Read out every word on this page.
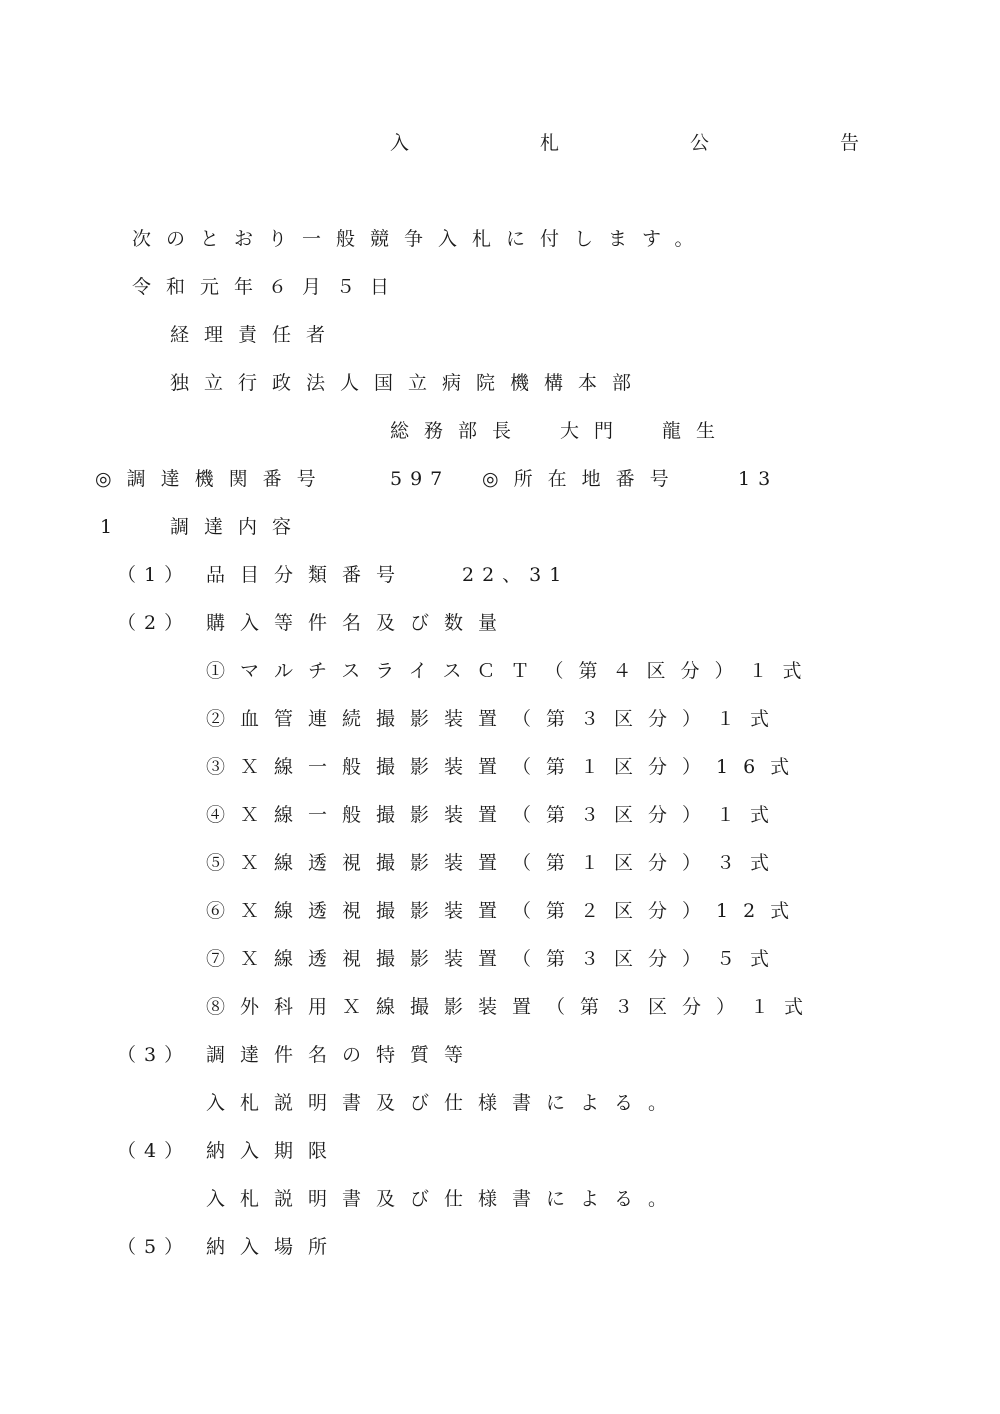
入　札　公　告

次のとおり一般競争入札に付します。

令和元年６月５日

経理責任者

独立行政法人国立病院機構本部

総務部長　大門　龍生

◎調達機関番号	597 ◎所在地番号	13

1 調達内容

（1） 品目分類番号	22、31

（2） 購入等件名及び数量

①マルチスライスＣＴ（第４区分）１式

②血管連続撮影装置（第３区分）１式

③Ｘ線一般撮影装置（第１区分）16式

④Ｘ線一般撮影装置（第３区分）１式

⑤Ｘ線透視撮影装置（第１区分）３式

⑥Ｘ線透視撮影装置（第２区分）12式

⑦Ｘ線透視撮影装置（第３区分）５式

⑧外科用Ｘ線撮影装置（第３区分）１式

（3） 調達件名の特質等

入札説明書及び仕様書による。

（4） 納入期限

入札説明書及び仕様書による。

（5） 納入場所
